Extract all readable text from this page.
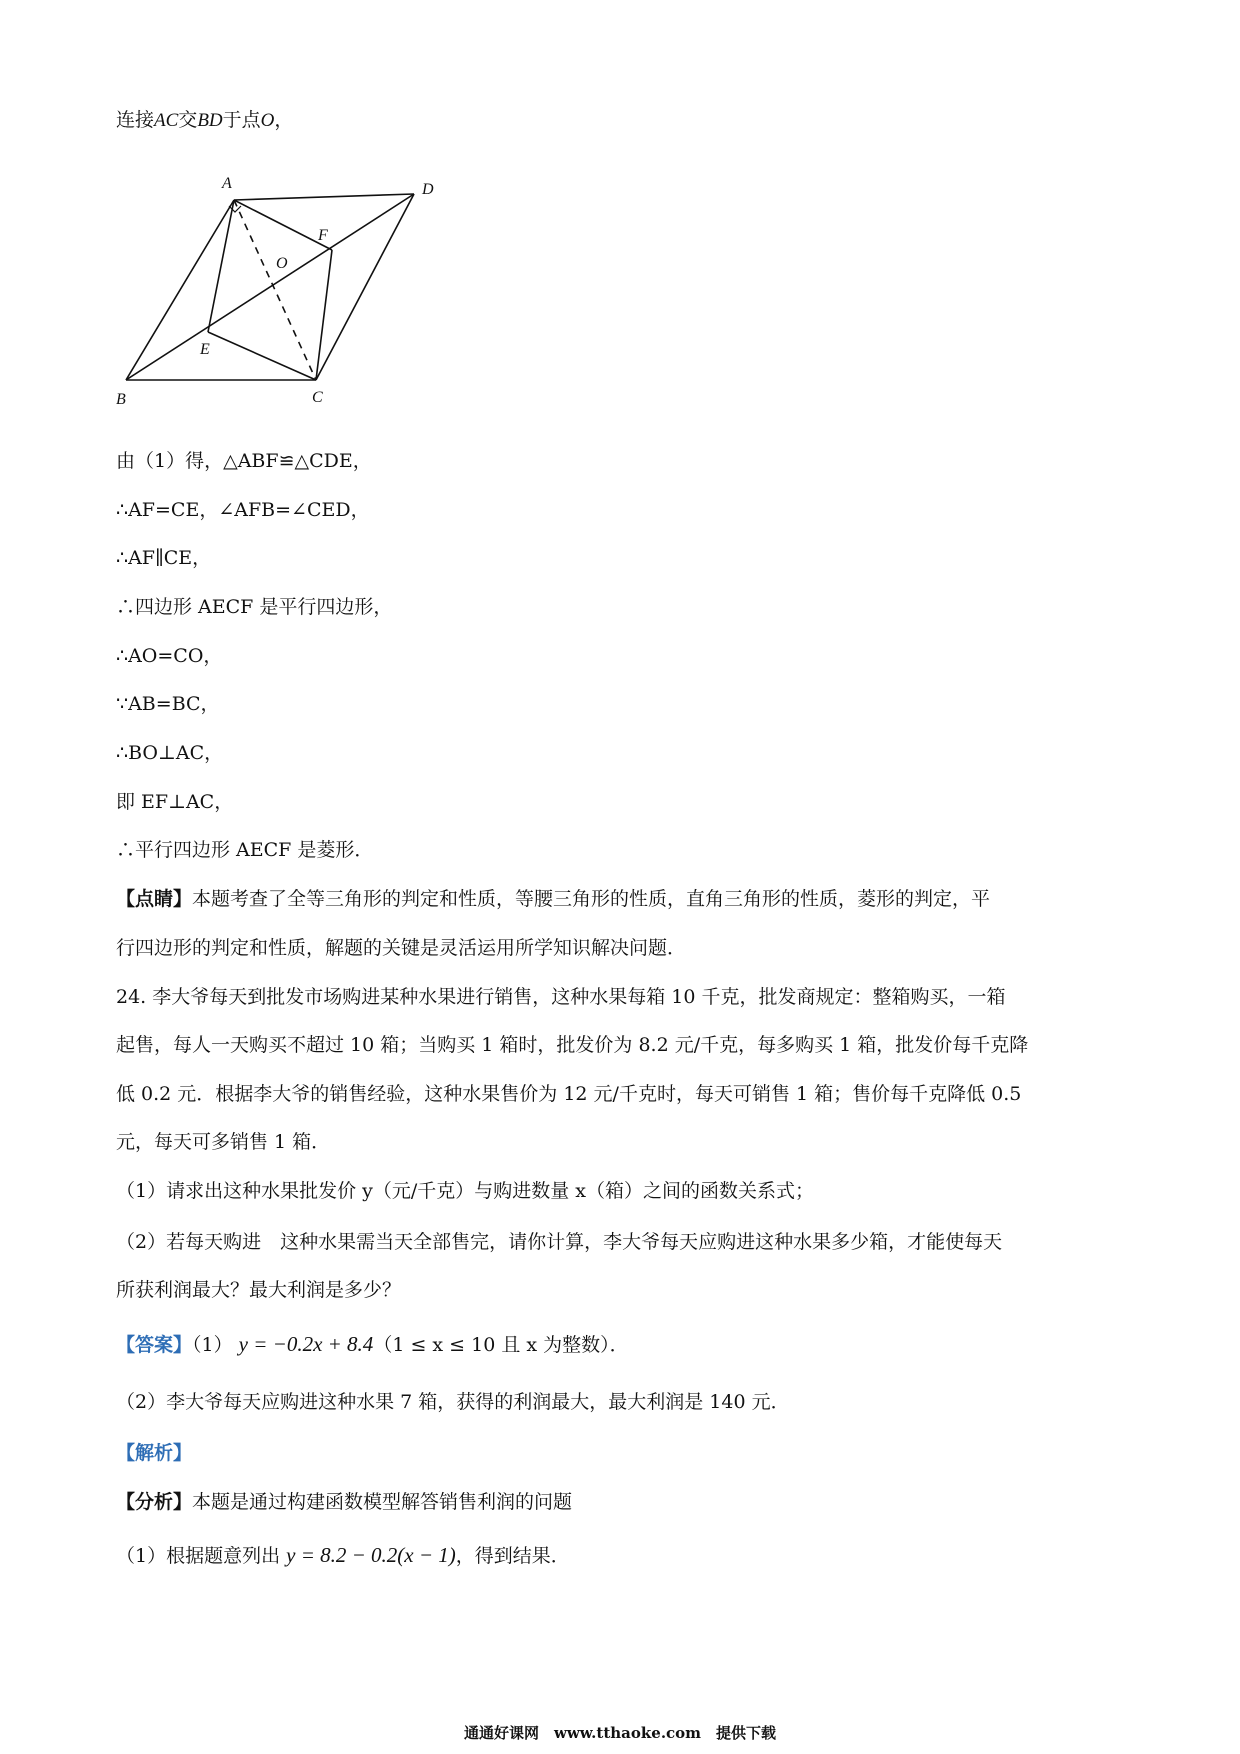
连接AC交BD于点O，
A	D
F
O
E
B	C
由（1）得，△ABF≌△CDE，
∴AF=CE，∠AFB=∠CED，
∴AF∥CE，
∴四边形 AECF 是平行四边形，
∴AO=CO，
∵AB=BC，
∴BO⊥AC，
即 EF⊥AC，
∴平行四边形 AECF 是菱形．
【点睛】本题考查了全等三角形的判定和性质，等腰三角形的性质，直角三角形的性质，菱形的判定，平
行四边形的判定和性质，解题的关键是灵活运用所学知识解决问题．
24. 李大爷每天到批发市场购进某种水果进行销售，这种水果每箱 10 千克，批发商规定：整箱购买，一箱
起售，每人一天购买不超过 10 箱；当购买 1 箱时，批发价为 8.2 元/千克，每多购买 1 箱，批发价每千克降
低 0.2 元．根据李大爷的销售经验，这种水果售价为 12 元/千克时，每天可销售 1 箱；售价每千克降低 0.5
元，每天可多销售 1 箱．
（1）请求出这种水果批发价 y（元/千克）与购进数量 x（箱）之间的函数关系式；
（2）若每天购进　这种水果需当天全部售完，请你计算，李大爷每天应购进这种水果多少箱，才能使每天
所获利润最大？最大利润是多少？
【答案】（1） y = −0.2x + 8.4（1 ≤ x ≤ 10 且 x 为整数）．
（2）李大爷每天应购进这种水果 7 箱，获得的利润最大，最大利润是 140 元．
【解析】
【分析】本题是通过构建函数模型解答销售利润的问题
（1）根据题意列出 y = 8.2 − 0.2(x − 1)，得到结果．
通通好课网　www.tthaoke.com　提供下载
